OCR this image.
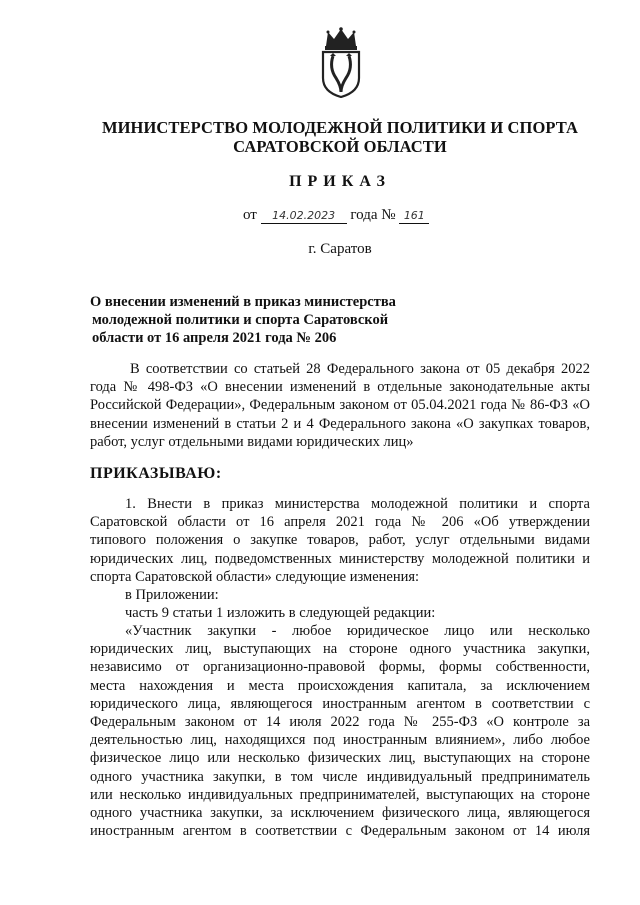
МИНИСТЕРСТВО МОЛОДЕЖНОЙ ПОЛИТИКИ И СПОРТА
САРАТОВСКОЙ ОБЛАСТИ
ПРИКАЗ
от 14.02.2023 года № 161
г. Саратов
О внесении изменений в приказ министерства
молодежной политики и спорта Саратовской
области от 16 апреля 2021 года № 206
В соответствии со статьей 28 Федерального закона от 05 декабря 2022
года № 498-ФЗ «О внесении изменений в отдельные законодательные акты
Российской Федерации», Федеральным законом от 05.04.2021 года № 86-ФЗ «О
внесении изменений в статьи 2 и 4 Федерального закона «О закупках товаров,
работ, услуг отдельными видами юридических лиц»
ПРИКАЗЫВАЮ:
1. Внести в приказ министерства молодежной политики и спорта
Саратовской области от 16 апреля 2021 года № 206 «Об утверждении
типового положения о закупке товаров, работ, услуг отдельными видами
юридических лиц, подведомственных министерству молодежной политики и
спорта Саратовской области» следующие изменения:
в Приложении:
часть 9 статьи 1 изложить в следующей редакции:
«Участник закупки - любое юридическое лицо или несколько
юридических лиц, выступающих на стороне одного участника закупки,
независимо от организационно-правовой формы, формы собственности,
места нахождения и места происхождения капитала, за исключением
юридического лица, являющегося иностранным агентом в соответствии с
Федеральным законом от 14 июля 2022 года № 255-ФЗ «О контроле за
деятельностью лиц, находящихся под иностранным влиянием», либо любое
физическое лицо или несколько физических лиц, выступающих на стороне
одного участника закупки, в том числе индивидуальный предприниматель
или несколько индивидуальных предпринимателей, выступающих на стороне
одного участника закупки, за исключением физического лица, являющегося
иностранным агентом в соответствии с Федеральным законом от 14 июля
